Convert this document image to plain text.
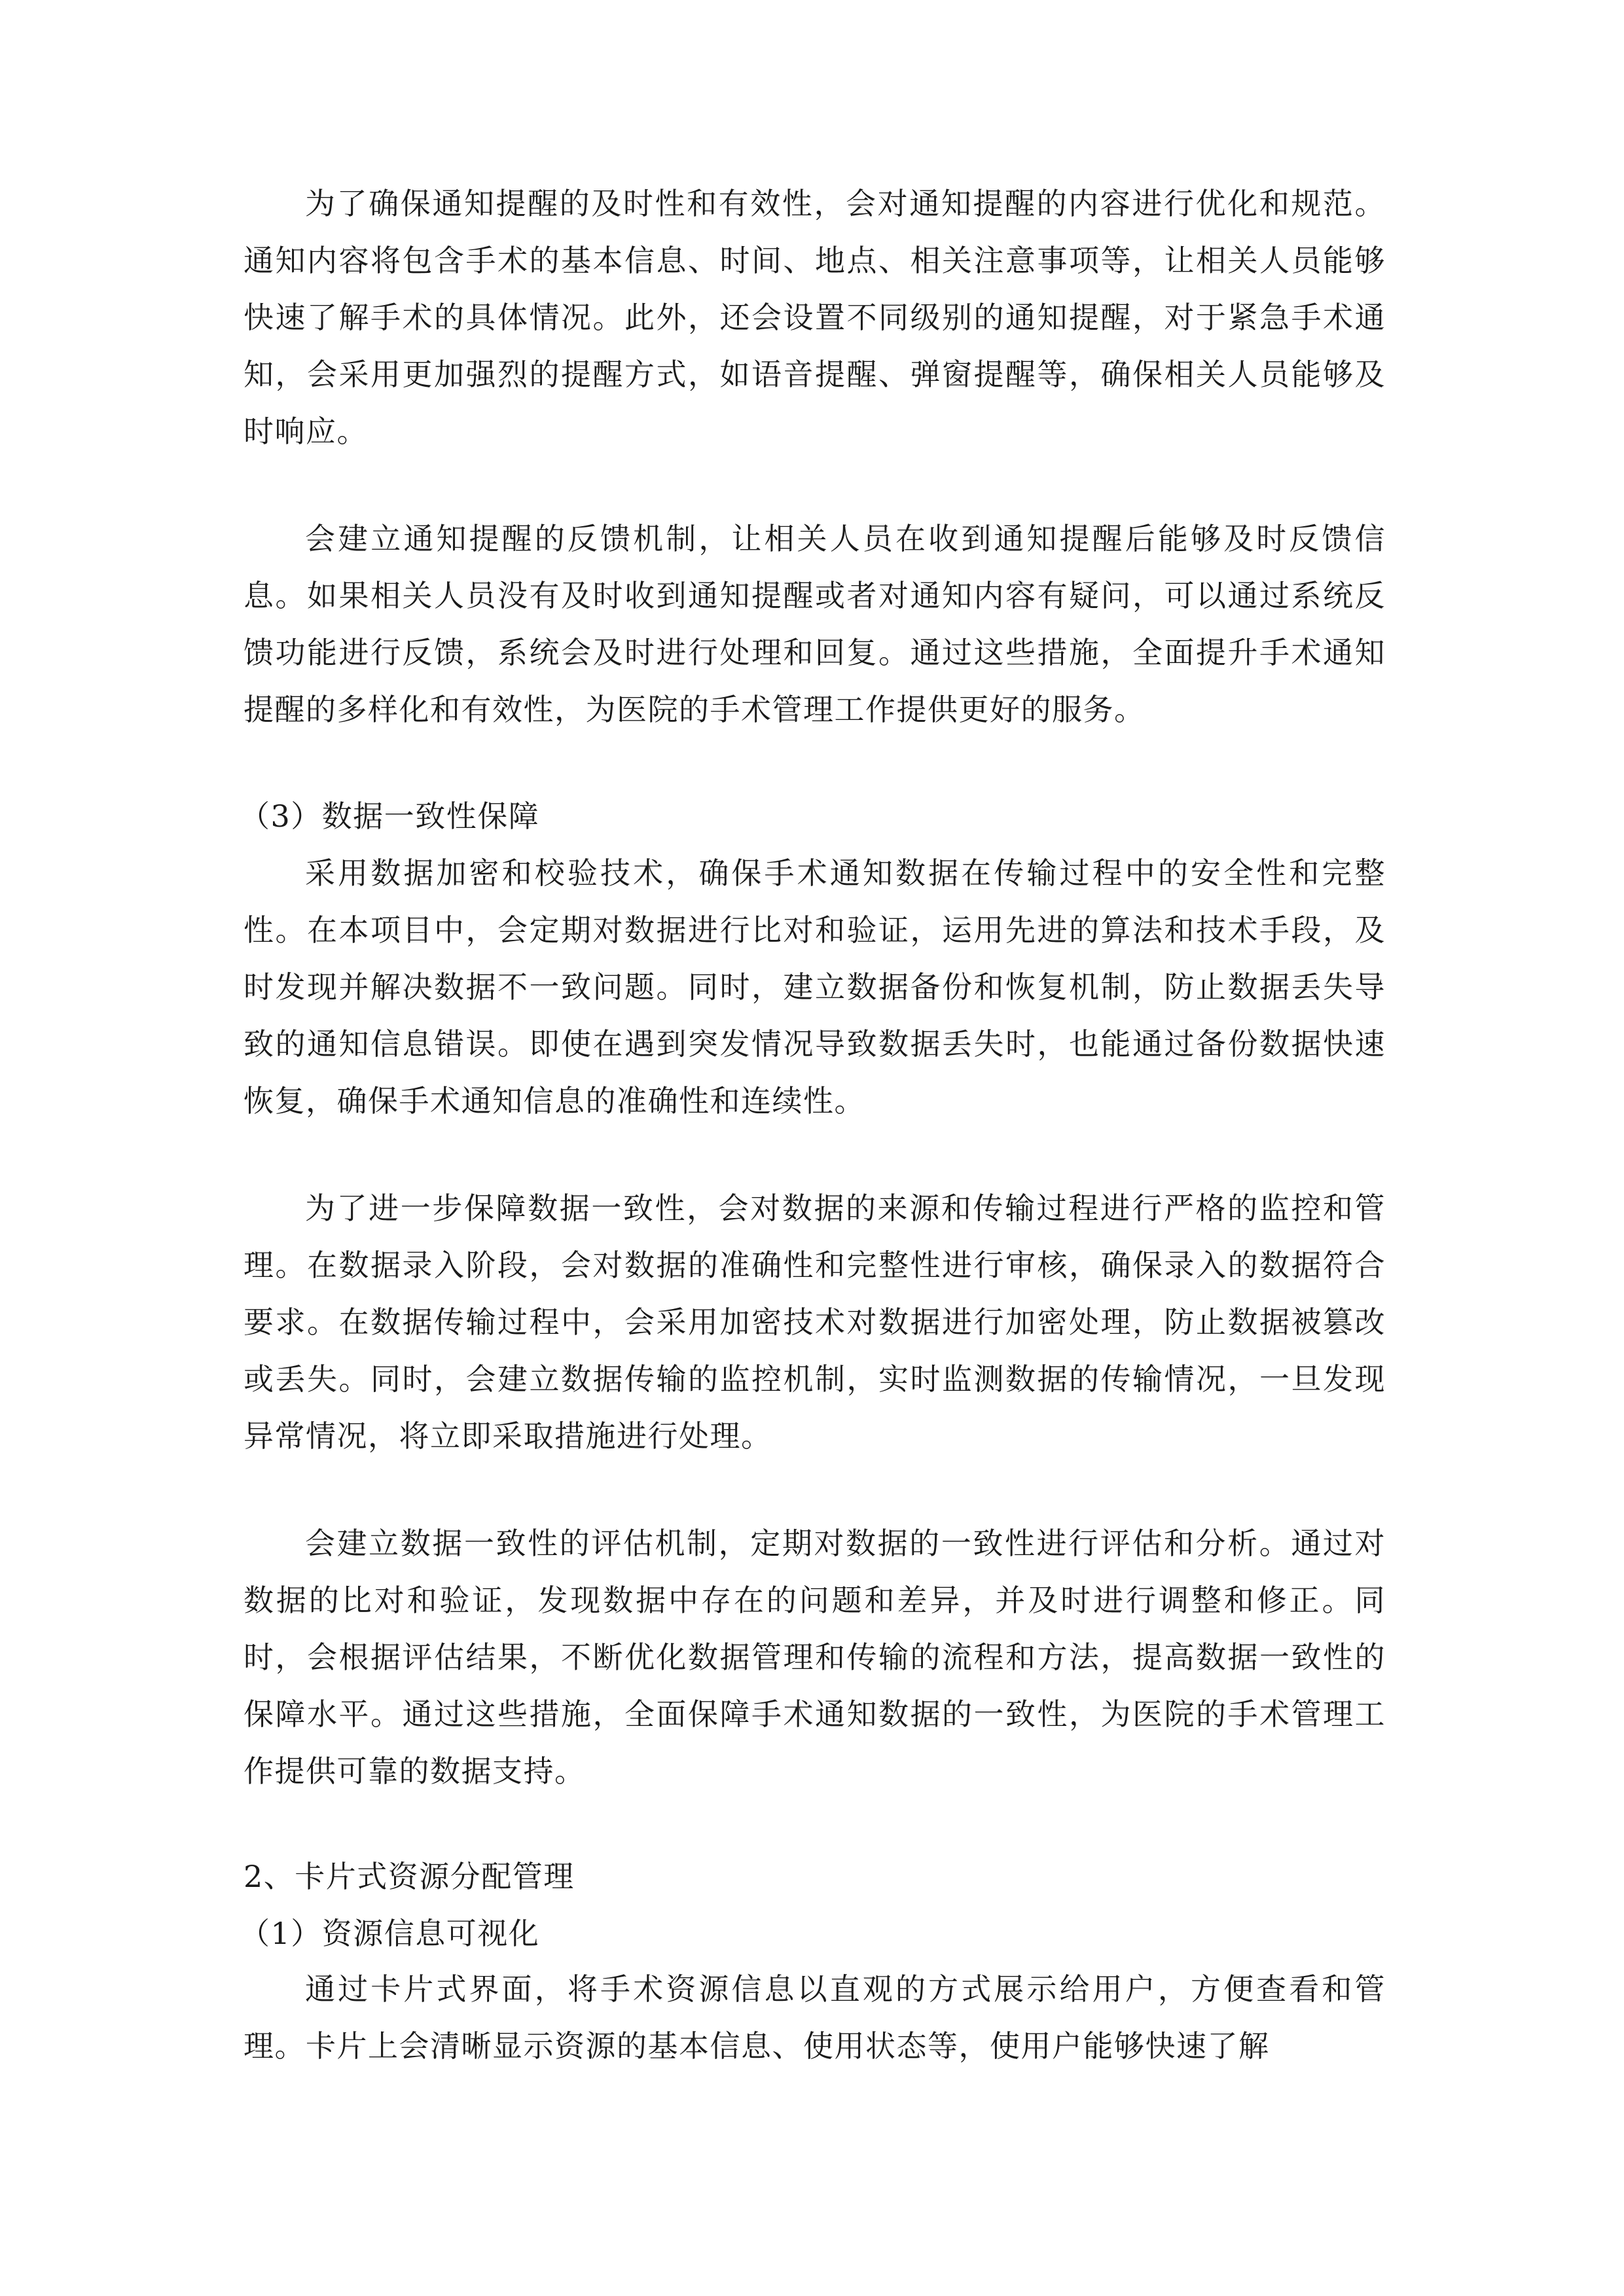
为了确保通知提醒的及时性和有效性，会对通知提醒的内容进行优化和规范。通知内容将包含手术的基本信息、时间、地点、相关注意事项等，让相关人员能够快速了解手术的具体情况。此外，还会设置不同级别的通知提醒，对于紧急手术通知，会采用更加强烈的提醒方式，如语音提醒、弹窗提醒等，确保相关人员能够及时响应。

会建立通知提醒的反馈机制，让相关人员在收到通知提醒后能够及时反馈信息。如果相关人员没有及时收到通知提醒或者对通知内容有疑问，可以通过系统反馈功能进行反馈，系统会及时进行处理和回复。通过这些措施，全面提升手术通知提醒的多样化和有效性，为医院的手术管理工作提供更好的服务。

（3）数据一致性保障

采用数据加密和校验技术，确保手术通知数据在传输过程中的安全性和完整性。在本项目中，会定期对数据进行比对和验证，运用先进的算法和技术手段，及时发现并解决数据不一致问题。同时，建立数据备份和恢复机制，防止数据丢失导致的通知信息错误。即使在遇到突发情况导致数据丢失时，也能通过备份数据快速恢复，确保手术通知信息的准确性和连续性。

为了进一步保障数据一致性，会对数据的来源和传输过程进行严格的监控和管理。在数据录入阶段，会对数据的准确性和完整性进行审核，确保录入的数据符合要求。在数据传输过程中，会采用加密技术对数据进行加密处理，防止数据被篡改或丢失。同时，会建立数据传输的监控机制，实时监测数据的传输情况，一旦发现异常情况，将立即采取措施进行处理。

会建立数据一致性的评估机制，定期对数据的一致性进行评估和分析。通过对数据的比对和验证，发现数据中存在的问题和差异，并及时进行调整和修正。同时，会根据评估结果，不断优化数据管理和传输的流程和方法，提高数据一致性的保障水平。通过这些措施，全面保障手术通知数据的一致性，为医院的手术管理工作提供可靠的数据支持。

2、卡片式资源分配管理

（1）资源信息可视化

通过卡片式界面，将手术资源信息以直观的方式展示给用户，方便查看和管理。卡片上会清晰显示资源的基本信息、使用状态等，使用户能够快速了解
